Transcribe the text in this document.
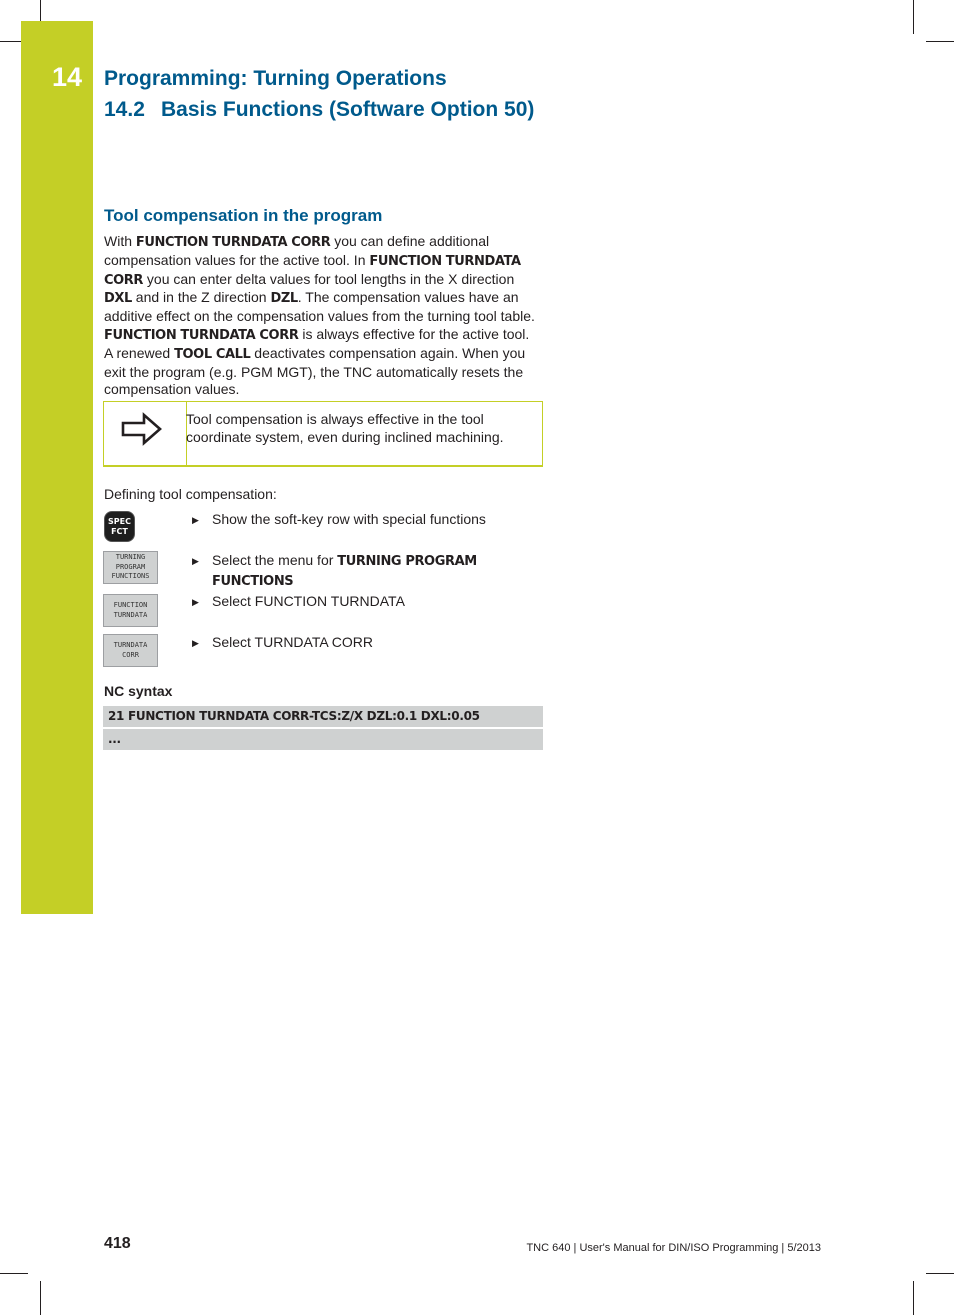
14 Programming: Turning Operations
14.2 Basis Functions (Software Option 50)
Tool compensation in the program
With FUNCTION TURNDATA CORR you can define additional compensation values for the active tool. In FUNCTION TURNDATA CORR you can enter delta values for tool lengths in the X direction DXL and in the Z direction DZL. The compensation values have an additive effect on the compensation values from the turning tool table. FUNCTION TURNDATA CORR is always effective for the active tool. A renewed TOOL CALL deactivates compensation again. When you exit the program (e.g. PGM MGT), the TNC automatically resets the compensation values.
Tool compensation is always effective in the tool coordinate system, even during inclined machining.
Defining tool compensation:
SPEC
FCT
TURNING
PROGRAM
FUNCTIONS
FUNCTION
TURNDATA
TURNDATA
CORR
▶ Show the soft-key row with special functions
▶ Select the menu for TURNING PROGRAM
FUNCTIONS
▶ Select FUNCTION TURNDATA
▶ Select TURNDATA CORR
NC syntax
21 FUNCTION TURNDATA CORR-TCS:Z/X DZL:0.1 DXL:0.05
...
418	TNC 640 | User's Manual for DIN/ISO Programming | 5/2013
